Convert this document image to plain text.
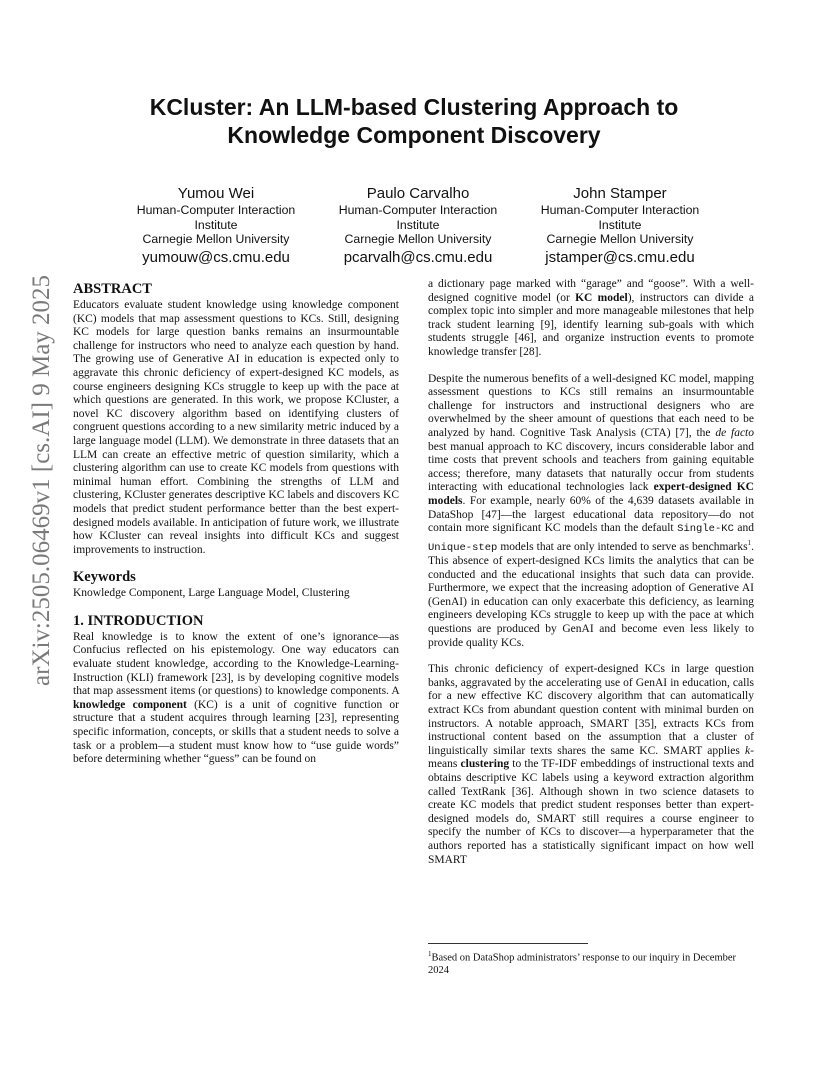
arXiv:2505.06469v1 [cs.AI] 9 May 2025
KCluster: An LLM-based Clustering Approach to
Knowledge Component Discovery
Yumou Wei
Human-Computer Interaction
Institute
Carnegie Mellon University
yumouw@cs.cmu.edu
Paulo Carvalho
Human-Computer Interaction
Institute
Carnegie Mellon University
pcarvalh@cs.cmu.edu
John Stamper
Human-Computer Interaction
Institute
Carnegie Mellon University
jstamper@cs.cmu.edu
ABSTRACT

Educators evaluate student knowledge using knowledge component (KC) models that map assessment questions to KCs. Still, designing KC models for large question banks remains an insurmountable challenge for instructors who need to analyze each question by hand. The growing use of Generative AI in education is expected only to aggravate this chronic deficiency of expert-designed KC models, as course engineers designing KCs struggle to keep up with the pace at which questions are generated. In this work, we propose KCluster, a novel KC discovery algorithm based on identifying clusters of congruent questions according to a new similarity metric induced by a large language model (LLM). We demonstrate in three datasets that an LLM can create an effective metric of question similarity, which a clustering algorithm can use to create KC models from questions with minimal human effort. Combining the strengths of LLM and clustering, KCluster generates descriptive KC labels and discovers KC models that predict student performance better than the best expert-designed models available. In anticipation of future work, we illustrate how KCluster can reveal insights into difficult KCs and suggest improvements to instruction.

Keywords

Knowledge Component, Large Language Model, Clustering

1. INTRODUCTION

Real knowledge is to know the extent of one’s ignorance—as Confucius reflected on his epistemology. One way educators can evaluate student knowledge, according to the Knowledge-Learning-Instruction (KLI) framework [23], is by developing cognitive models that map assessment items (or questions) to knowledge components. A knowledge component (KC) is a unit of cognitive function or structure that a student acquires through learning [23], representing specific information, concepts, or skills that a student needs to solve a task or a problem—a student must know how to “use guide words” before determining whether “guess” can be found on

a dictionary page marked with “garage” and “goose”. With a well-designed cognitive model (or KC model), instructors can divide a complex topic into simpler and more manageable milestones that help track student learning [9], identify learning sub-goals with which students struggle [46], and organize instruction events to promote knowledge transfer [28].

Despite the numerous benefits of a well-designed KC model, mapping assessment questions to KCs still remains an insurmountable challenge for instructors and instructional designers who are overwhelmed by the sheer amount of questions that each need to be analyzed by hand. Cognitive Task Analysis (CTA) [7], the de facto best manual approach to KC discovery, incurs considerable labor and time costs that prevent schools and teachers from gaining equitable access; therefore, many datasets that naturally occur from students interacting with educational technologies lack expert-designed KC models. For example, nearly 60% of the 4,639 datasets available in DataShop [47]—the largest educational data repository—do not contain more significant KC models than the default Single-KC and Unique-step models that are only intended to serve as benchmarks$^1$. This absence of expert-designed KCs limits the analytics that can be conducted and the educational insights that such data can provide. Furthermore, we expect that the increasing adoption of Generative AI (GenAI) in education can only exacerbate this deficiency, as learning engineers developing KCs struggle to keep up with the pace at which questions are produced by GenAI and become even less likely to provide quality KCs.

This chronic deficiency of expert-designed KCs in large question banks, aggravated by the accelerating use of GenAI in education, calls for a new effective KC discovery algorithm that can automatically extract KCs from abundant question content with minimal burden on instructors. A notable approach, SMART [35], extracts KCs from instructional content based on the assumption that a cluster of linguistically similar texts shares the same KC. SMART applies k-means clustering to the TF-IDF embeddings of instructional texts and obtains descriptive KC labels using a keyword extraction algorithm called TextRank [36]. Although shown in two science datasets to create KC models that predict student responses better than expert-designed models do, SMART still requires a course engineer to specify the number of KCs to discover—a hyperparameter that the authors reported has a statistically significant impact on how well SMART

$^1$Based on DataShop administrators’ response to our inquiry in December 2024
